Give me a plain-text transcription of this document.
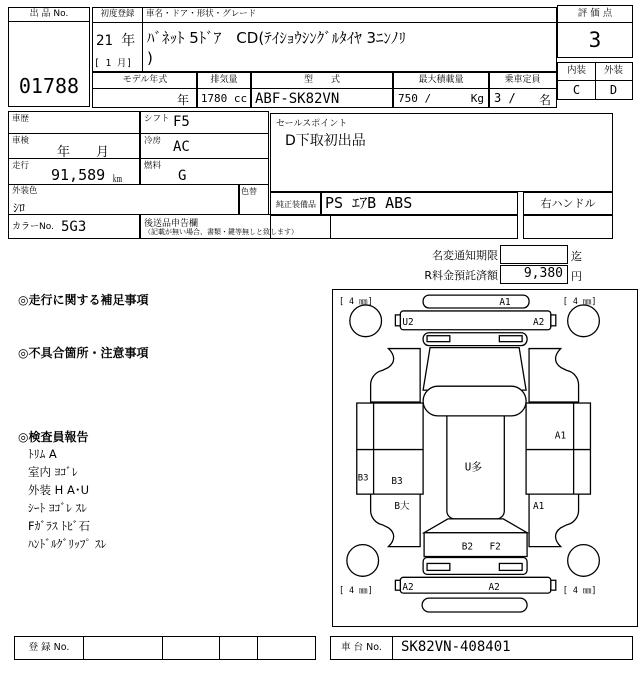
出 品 No.
01788
初度登録	車名・ドア・形状・グレード
21 年
[ 1 月]
ﾊﾞﾈｯﾄ 5ﾄﾞｱ　CD(ﾃｲｼｮｳｼﾝｸﾞﾙﾀｲﾔ 3ﾆﾝﾉﾘ
)
モデル年式
年
排気量
1780 cc
型　　式
ABF-SK82VN
最大積載量
750 /	Kg
乗車定員
3 / 名
評 価 点
3
内装	外装
C	D
車歴	シフト F5
車検
年　　月
冷房 AC
走行 91,589 ㎞
燃料
G
外装色
ｼﾛ
色替
カラーNo. 5G3	後送品申告欄
（記載が無い場合、書類・鍵等無しと致します）
セールスポイント
D下取初出品
純正装備品 PS ｴｱB ABS	右ハンドル
名変通知期限	迄
R料金預託済額	9,380 円
◎走行に関する補足事項
◎不具合箇所・注意事項
◎検査員報告
ﾄﾘﾑ A
室内 ﾖｺﾞﾚ
外装 H A･U
ｼｰﾄ ﾖｺﾞﾚ ｽﾚ
Fｶﾞﾗｽ ﾄﾋﾞ石
ﾊﾝﾄﾞﾙｸﾞﾘｯﾌﾟ ｽﾚ
[ 4 ㎜]	[ 4 ㎜]
[ 4 ㎜]	[ 4 ㎜]
A1
U2	A2
A1
B3 B3
U多
B大	A1
B2 F2
A2	A2
登 録 No.	車 台 No.	SK82VN-408401
